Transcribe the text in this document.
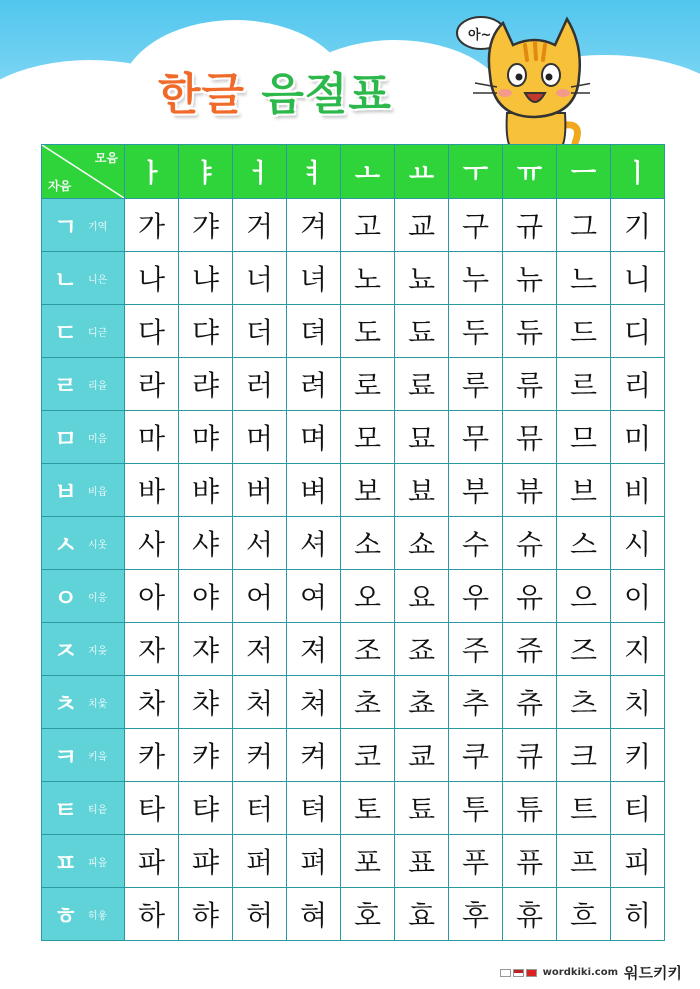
한글 음절표
아~
모음
자음	ㅏ	ㅑ	ㅓ	ㅕ	ㅗ	ㅛ	ㅜ	ㅠ	ㅡ	ㅣ

ㄱ 기역	가	갸	거	겨	고	교	구	규	그	기

ㄴ 니은	나	냐	너	녀	노	뇨	누	뉴	느	니

ㄷ 디귿	다	댜	더	뎌	도	됴	두	듀	드	디

ㄹ 리을	라	랴	러	려	로	료	루	류	르	리

ㅁ 미음	마	먀	머	며	모	묘	무	뮤	므	미

ㅂ 비읍	바	뱌	버	벼	보	뵤	부	뷰	브	비

ㅅ 시옷	사	샤	서	셔	소	쇼	수	슈	스	시

ㅇ 이응	아	야	어	여	오	요	우	유	으	이

ㅈ 지읒	자	쟈	저	져	조	죠	주	쥬	즈	지

ㅊ 치읓	차	챠	처	쳐	초	쵸	추	츄	츠	치

ㅋ 키읔	카	캬	커	켜	코	쿄	쿠	큐	크	키

ㅌ 티읕	타	탸	터	텨	토	툐	투	튜	트	티

ㅍ 피읖	파	퍄	퍼	펴	포	표	푸	퓨	프	피

ㅎ 히읗	하	햐	허	혀	호	효	후	휴	흐	히
wordkiki.com 워드키키
